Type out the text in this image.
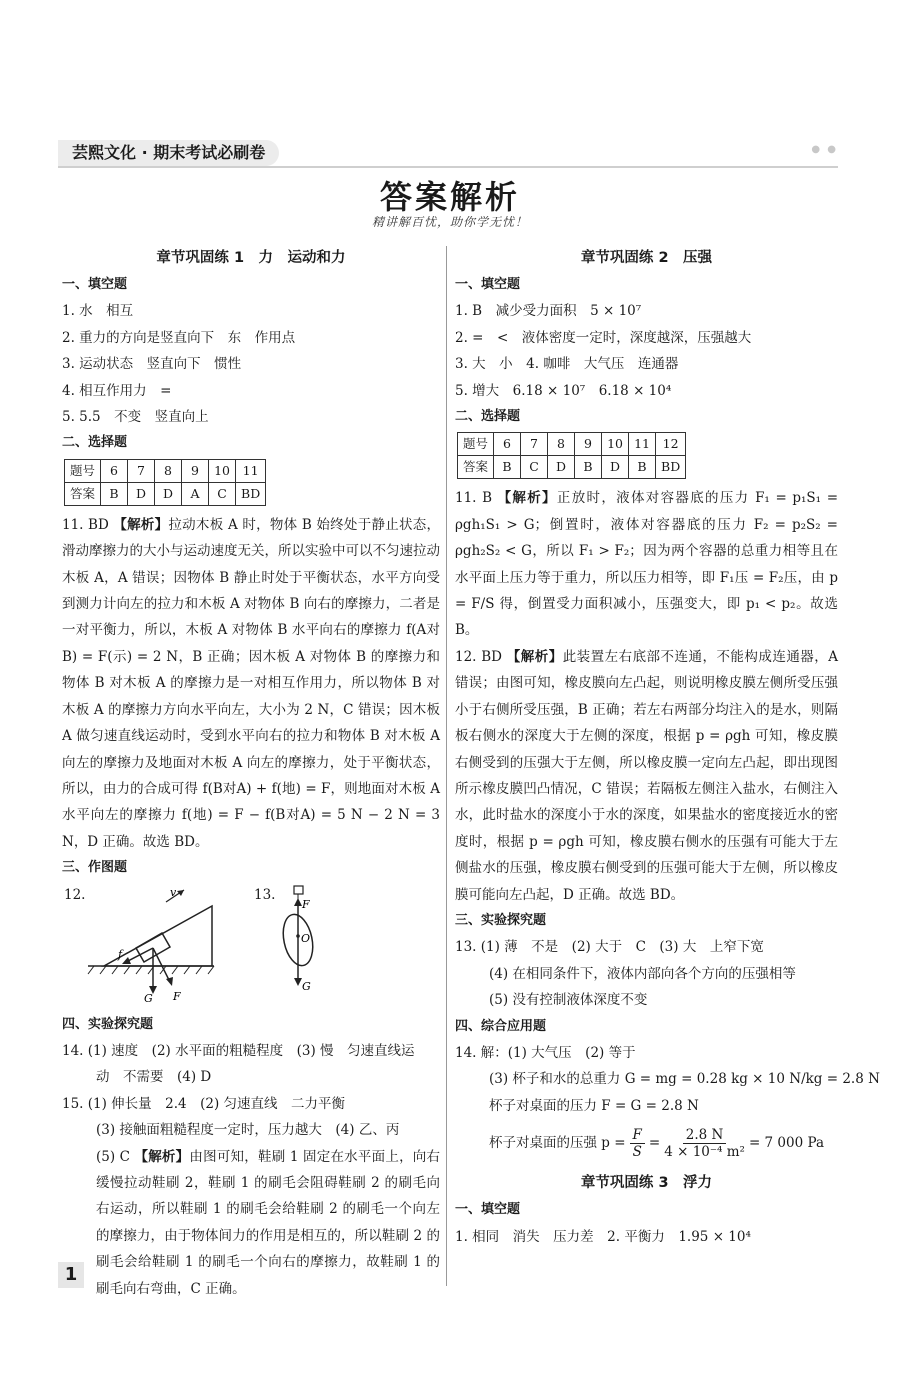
芸熙文化 · 期末考试必刷卷	● ●
答案解析
精讲解百忧，助你学无忧！
章节巩固练 1　力　运动和力
一、填空题
1. 水　相互
2. 重力的方向是竖直向下　东　作用点
3. 运动状态　竖直向下　惯性
4. 相互作用力　=
5. 5.5　不变　竖直向上
二、选择题
题号	6	7	8	9	10	11
答案	B	D	D	A	C	BD
11. BD 【解析】拉动木板 A 时，物体 B 始终处于静止状态，滑动摩擦力的大小与运动速度无关，所以实验中可以不匀速拉动木板 A，A 错误；因物体 B 静止时处于平衡状态，水平方向受到测力计向左的拉力和木板 A 对物体 B 向右的摩擦力，二者是一对平衡力，所以，木板 A 对物体 B 水平向右的摩擦力 f(A对B) = F(示) = 2 N，B 正确；因木板 A 对物体 B 的摩擦力和物体 B 对木板 A 的摩擦力是一对相互作用力，所以物体 B 对木板 A 的摩擦力方向水平向左，大小为 2 N，C 错误；因木板 A 做匀速直线运动时，受到水平向右的拉力和物体 B 对木板 A 向左的摩擦力及地面对木板 A 向左的摩擦力，处于平衡状态，所以，由力的合成可得 f(B对A) + f(地) = F，则地面对木板 A 水平向左的摩擦力 f(地) = F − f(B对A) = 5 N − 2 N = 3 N，D 正确。故选 BD。
三、作图题
12.	v
G F
f
13.
F
O
G
四、实验探究题
14. (1) 速度　(2) 水平面的粗糙程度　(3) 慢　匀速直线运
动　不需要　(4) D
15. (1) 伸长量　2.4　(2) 匀速直线　二力平衡
(3) 接触面粗糙程度一定时，压力越大　(4) 乙、丙
(5) C 【解析】由图可知，鞋刷 1 固定在水平面上，向右缓慢拉动鞋刷 2，鞋刷 1 的刷毛会阻碍鞋刷 2 的刷毛向右运动，所以鞋刷 1 的刷毛会给鞋刷 2 的刷毛一个向左的摩擦力，由于物体间力的作用是相互的，所以鞋刷 2 的刷毛会给鞋刷 1 的刷毛一个向右的摩擦力，故鞋刷 1 的刷毛向右弯曲，C 正确。
章节巩固练 2　压强
一、填空题
1. B　减少受力面积　5 × 10⁷
2. =　<　液体密度一定时，深度越深，压强越大
3. 大　小　4. 咖啡　大气压　连通器
5. 增大　6.18 × 10⁷　6.18 × 10⁴
二、选择题
题号	6	7	8	9	10	11	12
答案	B	C	D	B	D	B	BD
11. B 【解析】正放时，液体对容器底的压力 F₁ = p₁S₁ = ρgh₁S₁ > G；倒置时，液体对容器底的压力 F₂ = p₂S₂ = ρgh₂S₂ < G，所以 F₁ > F₂；因为两个容器的总重力相等且在水平面上压力等于重力，所以压力相等，即 F₁压 = F₂压，由 p = F/S 得，倒置受力面积减小，压强变大，即 p₁ < p₂。故选 B。
12. BD 【解析】此装置左右底部不连通，不能构成连通器，A 错误；由图可知，橡皮膜向左凸起，则说明橡皮膜左侧所受压强小于右侧所受压强，B 正确；若左右两部分均注入的是水，则隔板右侧水的深度大于左侧的深度，根据 p = ρgh 可知，橡皮膜右侧受到的压强大于左侧，所以橡皮膜一定向左凸起，即出现图所示橡皮膜凹凸情况，C 错误；若隔板左侧注入盐水，右侧注入水，此时盐水的深度小于水的深度，如果盐水的密度接近水的密度时，根据 p = ρgh 可知，橡皮膜右侧水的压强有可能大于左侧盐水的压强，橡皮膜右侧受到的压强可能大于左侧，所以橡皮膜可能向左凸起，D 正确。故选 BD。
三、实验探究题
13. (1) 薄　不是　(2) 大于　C　(3) 大　上窄下宽
(4) 在相同条件下，液体内部向各个方向的压强相等
(5) 没有控制液体深度不变
四、综合应用题
14. 解：(1) 大气压　(2) 等于
(3) 杯子和水的总重力 G = mg = 0.28 kg × 10 N/kg = 2.8 N
杯子对桌面的压力 F = G = 2.8 N
杯子对桌面的压强 $p = \frac{F}{S} = \frac{2.8 N}{\text{4 × 10⁻⁴ m²}} = 7$ 000 Pa
章节巩固练 3　浮力
一、填空题
1. 相同　消失　压力差　2. 平衡力　1.95 × 10⁴
1
